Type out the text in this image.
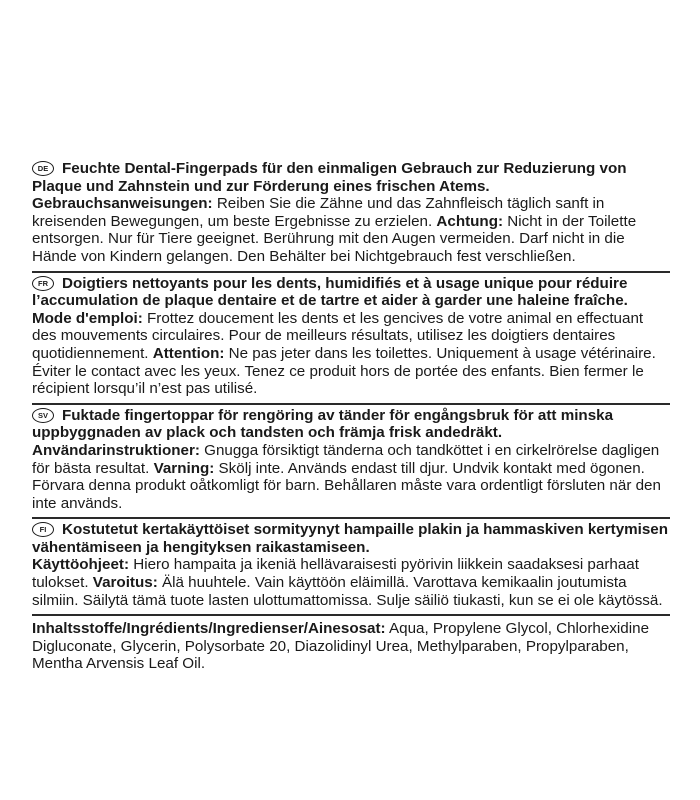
DE Feuchte Dental-Fingerpads für den einmaligen Gebrauch zur Reduzierung von Plaque und Zahnstein und zur Förderung eines frischen Atems.
Gebrauchsanweisungen: Reiben Sie die Zähne und das Zahnfleisch täglich sanft in kreisenden Bewegungen, um beste Ergebnisse zu erzielen. Achtung: Nicht in der Toilette entsorgen. Nur für Tiere geeignet. Berührung mit den Augen vermeiden. Darf nicht in die Hände von Kindern gelangen. Den Behälter bei Nichtgebrauch fest verschließen.
FR Doigtiers nettoyants pour les dents, humidifiés et à usage unique pour réduire l’accumulation de plaque dentaire et de tartre et aider à garder une haleine fraîche.
Mode d'emploi: Frottez doucement les dents et les gencives de votre animal en effectuant des mouvements circulaires. Pour de meilleurs résultats, utilisez les doigtiers dentaires quotidiennement. Attention: Ne pas jeter dans les toilettes. Uniquement à usage vétérinaire. Éviter le contact avec les yeux. Tenez ce produit hors de portée des enfants. Bien fermer le récipient lorsqu’il n’est pas utilisé.
SV Fuktade fingertoppar för rengöring av tänder för engångsbruk för att minska uppbyggnaden av plack och tandsten och främja frisk andedräkt.
Användarinstruktioner: Gnugga försiktigt tänderna och tandköttet i en cirkelrörelse dagligen för bästa resultat. Varning: Skölj inte. Används endast till djur. Undvik kontakt med ögonen. Förvara denna produkt oåtkomligt för barn. Behållaren måste vara ordentligt försluten när den inte används.
FI Kostutetut kertakäyttöiset sormityynyt hampaille plakin ja hammaskiven kertymisen vähentämiseen ja hengityksen raikastamiseen.
Käyttöohjeet: Hiero hampaita ja ikeniä hellävaraisesti pyörivin liikkein saadaksesi parhaat tulokset. Varoitus: Älä huuhtele. Vain käyttöön eläimillä. Varottava kemikaalin joutumista silmiin. Säilytä tämä tuote lasten ulottumattomissa. Sulje säiliö tiukasti, kun se ei ole käytössä.
Inhaltsstoffe/Ingrédients/Ingredienser/Ainesosat: Aqua, Propylene Glycol, Chlorhexidine Digluconate, Glycerin, Polysorbate 20, Diazolidinyl Urea, Methylparaben, Propylparaben, Mentha Arvensis Leaf Oil.
